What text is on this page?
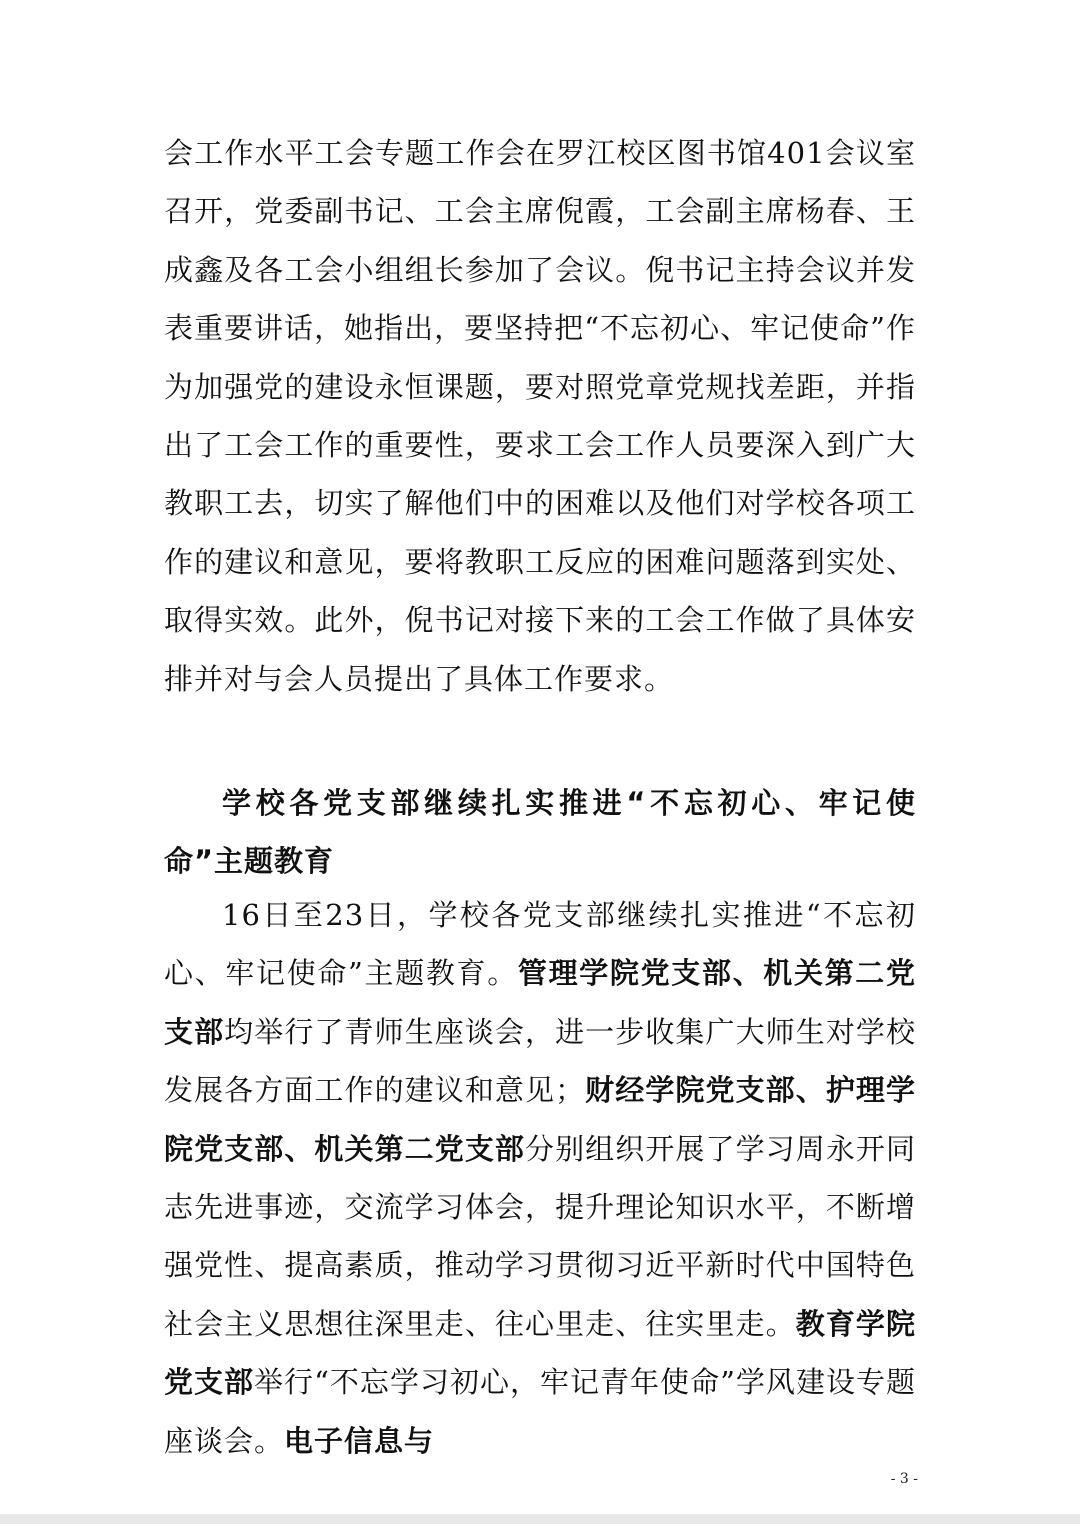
会工作水平工会专题工作会在罗江校区图书馆401会议室召开，党委副书记、工会主席倪霞，工会副主席杨春、王成鑫及各工会小组组长参加了会议。倪书记主持会议并发表重要讲话，她指出，要坚持把“不忘初心、牢记使命”作为加强党的建设永恒课题，要对照党章党规找差距，并指出了工会工作的重要性，要求工会工作人员要深入到广大教职工去，切实了解他们中的困难以及他们对学校各项工作的建议和意见，要将教职工反应的困难问题落到实处、取得实效。此外，倪书记对接下来的工会工作做了具体安排并对与会人员提出了具体工作要求。
学校各党支部继续扎实推进“不忘初心、牢记使命”主题教育
16日至23日，学校各党支部继续扎实推进“不忘初心、牢记使命”主题教育。管理学院党支部、机关第二党支部均举行了青师生座谈会，进一步收集广大师生对学校发展各方面工作的建议和意见；财经学院党支部、护理学院党支部、机关第二党支部分别组织开展了学习周永开同志先进事迹，交流学习体会，提升理论知识水平，不断增强党性、提高素质，推动学习贯彻习近平新时代中国特色社会主义思想往深里走、往心里走、往实里走。教育学院党支部举行“不忘学习初心，牢记青年使命”学风建设专题座谈会。电子信息与
- 3 -
